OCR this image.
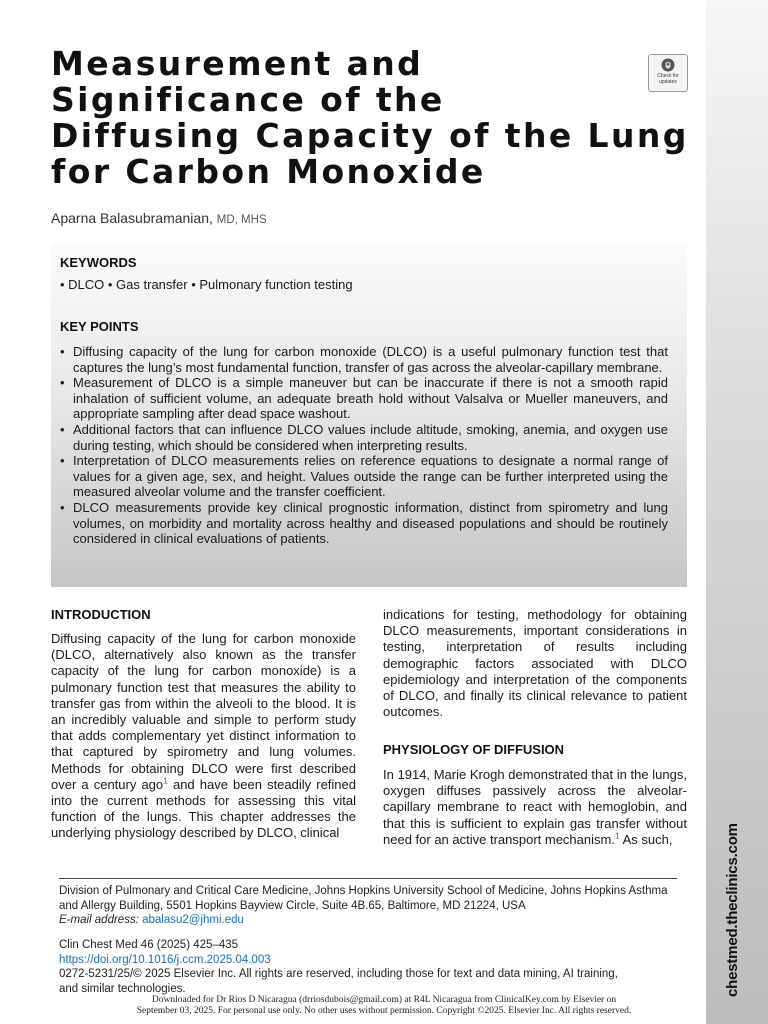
chestmed.theclinics.com
Measurement and
Significance of the
Diffusing Capacity of the Lung
for Carbon Monoxide
Check for
updates
Aparna Balasubramanian, MD, MHS
KEYWORDS
• DLCO • Gas transfer • Pulmonary function testing
KEY POINTS
• Diffusing capacity of the lung for carbon monoxide (DLCO) is a useful pulmonary function test that captures the lung’s most fundamental function, transfer of gas across the alveolar-capillary membrane.
• Measurement of DLCO is a simple maneuver but can be inaccurate if there is not a smooth rapid inhalation of sufficient volume, an adequate breath hold without Valsalva or Mueller maneuvers, and appropriate sampling after dead space washout.
• Additional factors that can influence DLCO values include altitude, smoking, anemia, and oxygen use during testing, which should be considered when interpreting results.
• Interpretation of DLCO measurements relies on reference equations to designate a normal range of values for a given age, sex, and height. Values outside the range can be further interpreted using the measured alveolar volume and the transfer coefficient.
• DLCO measurements provide key clinical prognostic information, distinct from spirometry and lung volumes, on morbidity and mortality across healthy and diseased populations and should be routinely considered in clinical evaluations of patients.
INTRODUCTION

Diffusing capacity of the lung for carbon monoxide (DLCO, alternatively also known as the transfer capacity of the lung for carbon monoxide) is a pulmonary function test that measures the ability to transfer gas from within the alveoli to the blood. It is an incredibly valuable and simple to perform study that adds complementary yet distinct information to that captured by spirometry and lung volumes. Methods for obtaining DLCO were first described over a century ago$^1$ and have been steadily refined into the current methods for assessing this vital function of the lungs. This chapter addresses the underlying physiology described by DLCO, clinical

indications for testing, methodology for obtaining DLCO measurements, important considerations in testing, interpretation of results including demographic factors associated with DLCO epidemiology and interpretation of the components of DLCO, and finally its clinical relevance to patient outcomes.

PHYSIOLOGY OF DIFFUSION

In 1914, Marie Krogh demonstrated that in the lungs, oxygen diffuses passively across the alveolar-capillary membrane to react with hemoglobin, and that this is sufficient to explain gas transfer without need for an active transport mechanism.$^1$ As such,

Division of Pulmonary and Critical Care Medicine, Johns Hopkins University School of Medicine, Johns Hopkins Asthma and Allergy Building, 5501 Hopkins Bayview Circle, Suite 4B.65, Baltimore, MD 21224, USA
E-mail address: abalasu2@jhmi.edu
Clin Chest Med 46 (2025) 425–435
https://doi.org/10.1016/j.ccm.2025.04.003
0272-5231/25/© 2025 Elsevier Inc. All rights are reserved, including those for text and data mining, AI training,
and similar technologies.
Downloaded for Dr Rios D Nicaragua (drriosdubois@gmail.com) at R4L Nicaragua from ClinicalKey.com by Elsevier on
September 03, 2025. For personal use only. No other uses without permission. Copyright ©2025. Elsevier Inc. All rights reserved.
